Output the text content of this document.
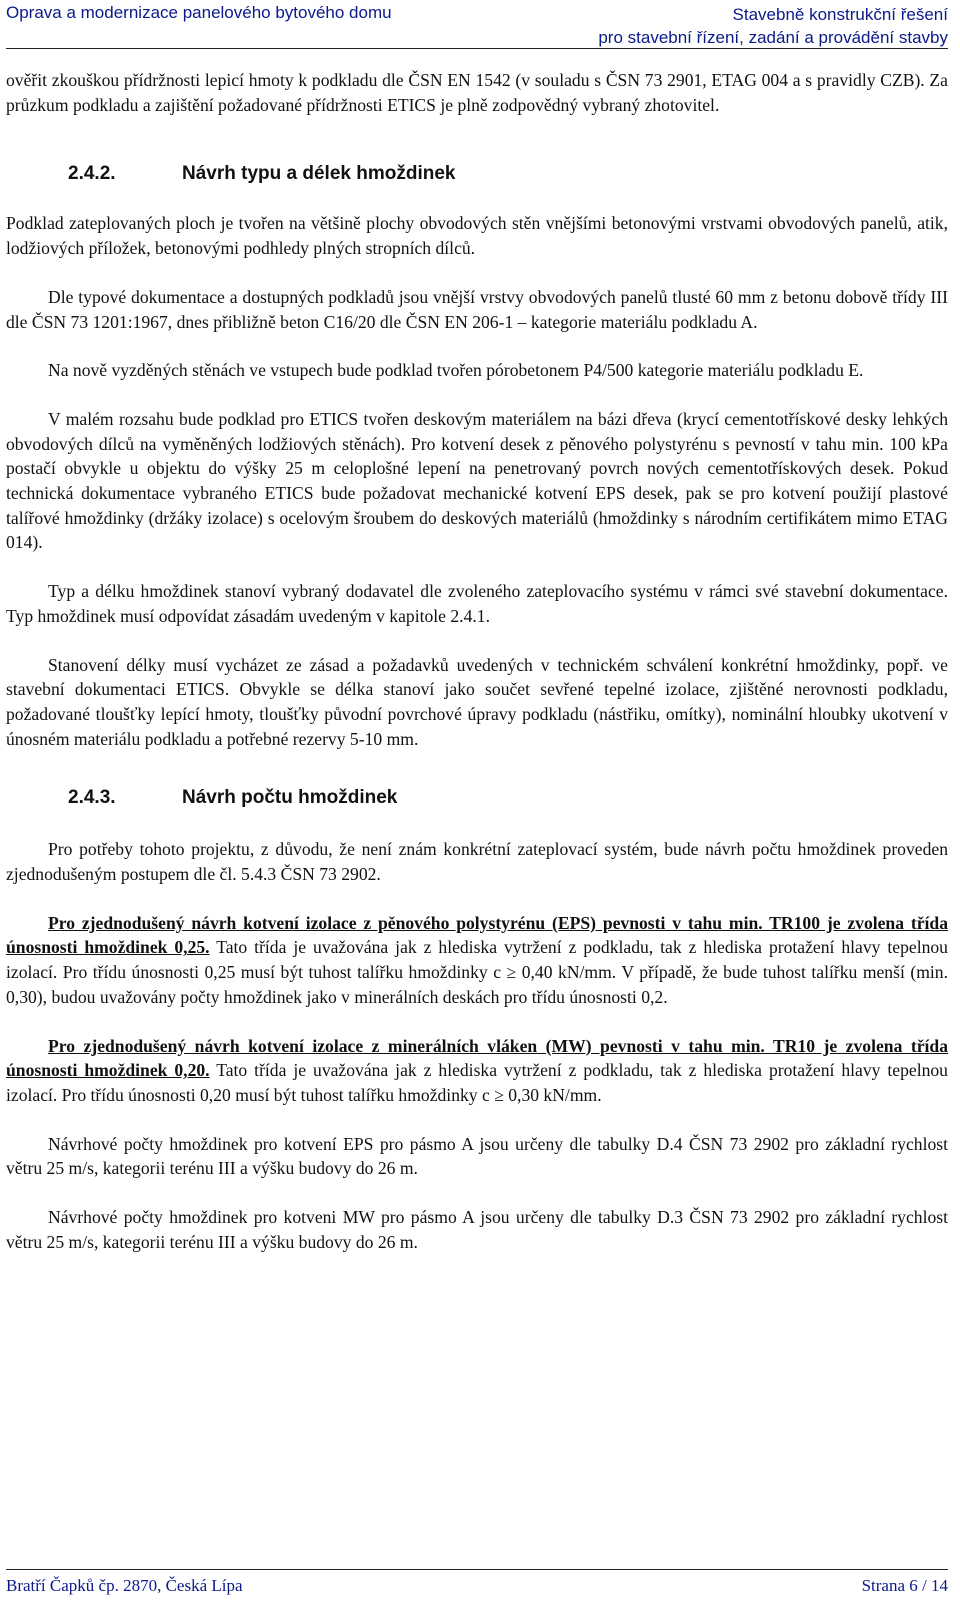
Oprava a modernizace panelového bytového domu	Stavebně konstrukční řešení
pro stavební řízení, zadání a provádění stavby

ověřit zkouškou přídržnosti lepicí hmoty k podkladu dle ČSN EN 1542 (v souladu s ČSN 73 2901, ETAG 004 a s pravidly CZB). Za průzkum podkladu a zajištění požadované přídržnosti ETICS je plně zodpovědný vybraný zhotovitel.

2.4.2.	Návrh typu a délek hmoždinek

Podklad zateplovaných ploch je tvořen na většině plochy obvodových stěn vnějšími betonovými vrstvami obvodových panelů, atik, lodžiových příložek, betonovými podhledy plných stropních dílců.

Dle typové dokumentace a dostupných podkladů jsou vnější vrstvy obvodových panelů tlusté 60 mm z betonu dobově třídy III dle ČSN 73 1201:1967, dnes přibližně beton C16/20 dle ČSN EN 206-1 – kategorie materiálu podkladu A.

Na nově vyzděných stěnách ve vstupech bude podklad tvořen pórobetonem P4/500 kategorie materiálu podkladu E.

V malém rozsahu bude podklad pro ETICS tvořen deskovým materiálem na bázi dřeva (krycí cementotřískové desky lehkých obvodových dílců na vyměněných lodžiových stěnách). Pro kotvení desek z pěnového polystyrénu s pevností v tahu min. 100 kPa postačí obvykle u objektu do výšky 25 m celoplošné lepení na penetrovaný povrch nových cementotřískových desek. Pokud technická dokumentace vybraného ETICS bude požadovat mechanické kotvení EPS desek, pak se pro kotvení použijí plastové talířové hmoždinky (držáky izolace) s ocelovým šroubem do deskových materiálů (hmoždinky s národním certifikátem mimo ETAG 014).

Typ a délku hmoždinek stanoví vybraný dodavatel dle zvoleného zateplovacího systému v rámci své stavební dokumentace. Typ hmoždinek musí odpovídat zásadám uvedeným v kapitole 2.4.1.

Stanovení délky musí vycházet ze zásad a požadavků uvedených v technickém schválení konkrétní hmoždinky, popř. ve stavební dokumentaci ETICS. Obvykle se délka stanoví jako součet sevřené tepelné izolace, zjištěné nerovnosti podkladu, požadované tloušťky lepící hmoty, tloušťky původní povrchové úpravy podkladu (nástřiku, omítky), nominální hloubky ukotvení v únosném materiálu podkladu a potřebné rezervy 5-10 mm.

2.4.3.	Návrh počtu hmoždinek

Pro potřeby tohoto projektu, z důvodu, že není znám konkrétní zateplovací systém, bude návrh počtu hmoždinek proveden zjednodušeným postupem dle čl. 5.4.3 ČSN 73 2902.

Pro zjednodušený návrh kotvení izolace z pěnového polystyrénu (EPS) pevnosti v tahu min. TR100 je zvolena třída únosnosti hmoždinek 0,25. Tato třída je uvažována jak z hlediska vytržení z podkladu, tak z hlediska protažení hlavy tepelnou izolací. Pro třídu únosnosti 0,25 musí být tuhost talířku hmoždinky c ≥ 0,40 kN/mm. V případě, že bude tuhost talířku menší (min. 0,30), budou uvažovány počty hmoždinek jako v minerálních deskách pro třídu únosnosti 0,2.

Pro zjednodušený návrh kotvení izolace z minerálních vláken (MW) pevnosti v tahu min. TR10 je zvolena třída únosnosti hmoždinek 0,20. Tato třída je uvažována jak z hlediska vytržení z podkladu, tak z hlediska protažení hlavy tepelnou izolací. Pro třídu únosnosti 0,20 musí být tuhost talířku hmoždinky c ≥ 0,30 kN/mm.

Návrhové počty hmoždinek pro kotvení EPS pro pásmo A jsou určeny dle tabulky D.4 ČSN 73 2902 pro základní rychlost větru 25 m/s, kategorii terénu III a výšku budovy do 26 m.

Návrhové počty hmoždinek pro kotveni MW pro pásmo A jsou určeny dle tabulky D.3 ČSN 73 2902 pro základní rychlost větru 25 m/s, kategorii terénu III a výšku budovy do 26 m.

Bratří Čapků čp. 2870, Česká Lípa	Strana 6 / 14
